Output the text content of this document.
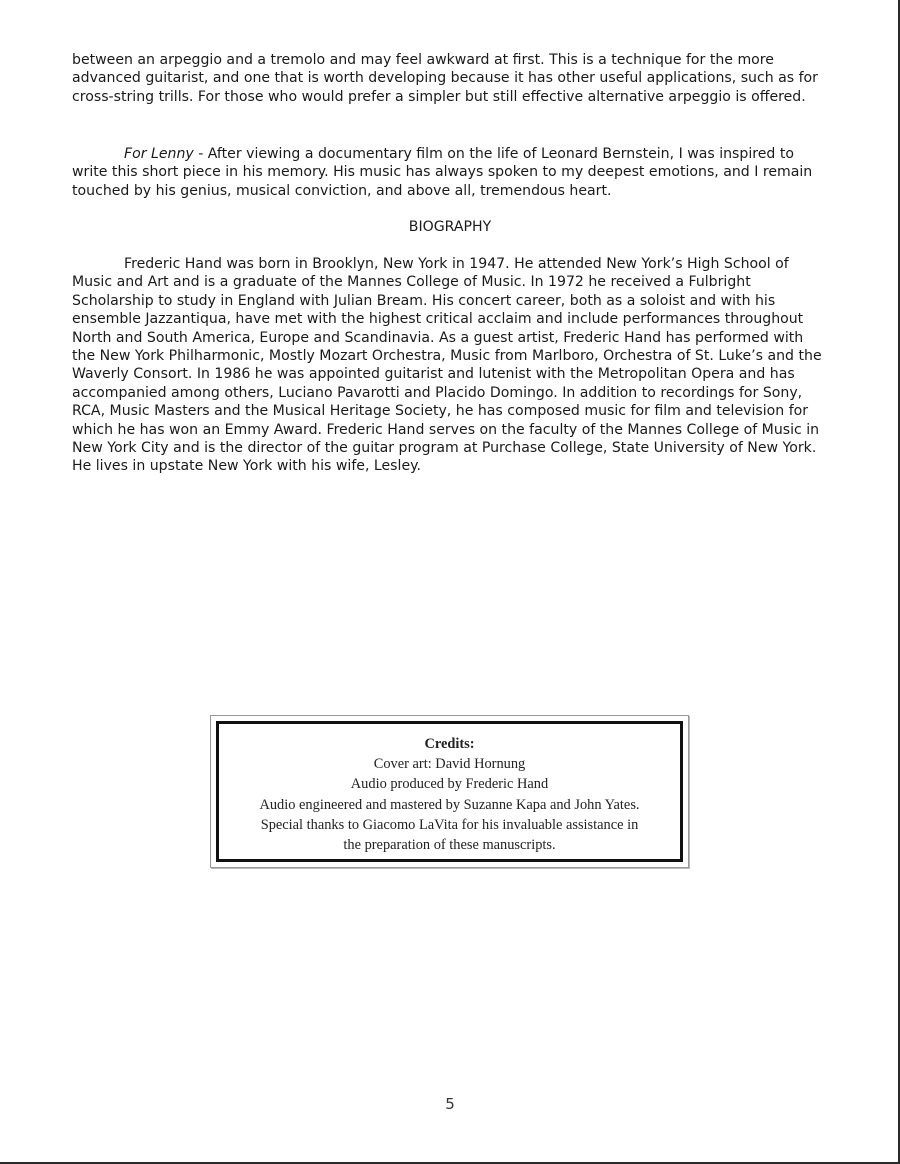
between an arpeggio and a tremolo and may feel awkward at first. This is a technique for the more advanced guitarist, and one that is worth developing because it has other useful applications, such as for cross-string trills. For those who would prefer a simpler but still effective alternative arpeggio is offered.

For Lenny - After viewing a documentary film on the life of Leonard Bernstein, I was inspired to write this short piece in his memory. His music has always spoken to my deepest emotions, and I remain touched by his genius, musical conviction, and above all, tremendous heart.

BIOGRAPHY

Frederic Hand was born in Brooklyn, New York in 1947. He attended New York’s High School of Music and Art and is a graduate of the Mannes College of Music. In 1972 he received a Fulbright Scholarship to study in England with Julian Bream. His concert career, both as a soloist and with his ensemble Jazzantiqua, have met with the highest critical acclaim and include performances throughout North and South America, Europe and Scandinavia. As a guest artist, Frederic Hand has performed with the New York Philharmonic, Mostly Mozart Orchestra, Music from Marlboro, Orchestra of St. Luke’s and the Waverly Consort. In 1986 he was appointed guitarist and lutenist with the Metropolitan Opera and has accompanied among others, Luciano Pavarotti and Placido Domingo. In addition to recordings for Sony, RCA, Music Masters and the Musical Heritage Society, he has composed music for film and television for which he has won an Emmy Award. Frederic Hand serves on the faculty of the Mannes College of Music in New York City and is the director of the guitar program at Purchase College, State University of New York. He lives in upstate New York with his wife, Lesley.

Credits:
Cover art: David Hornung
Audio produced by Frederic Hand
Audio engineered and mastered by Suzanne Kapa and John Yates.
Special thanks to Giacomo LaVita for his invaluable assistance in
the preparation of these manuscripts.
5
